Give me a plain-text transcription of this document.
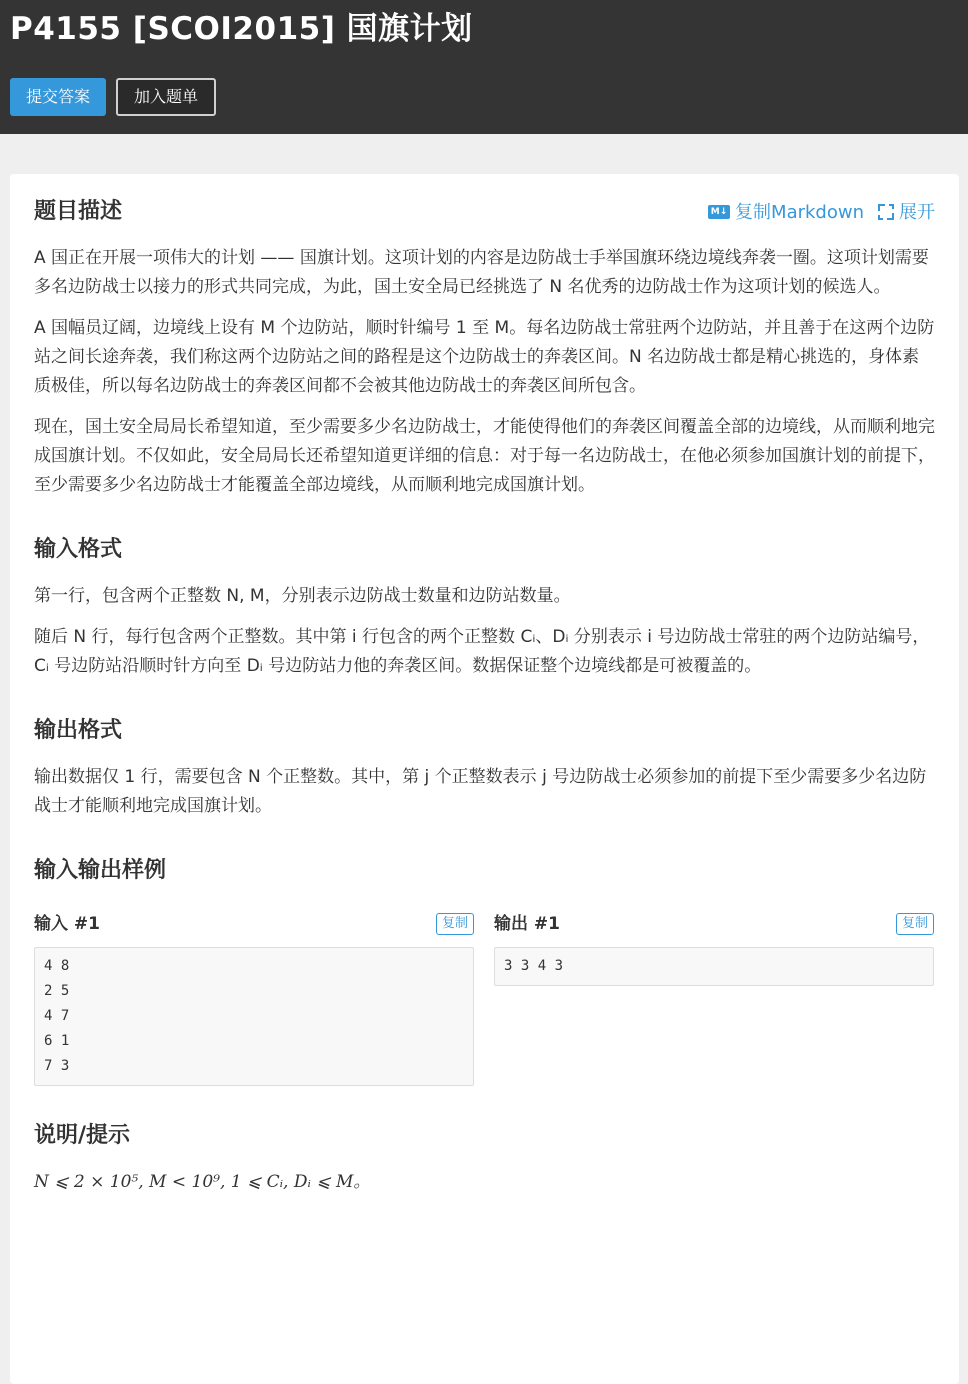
P4155 [SCOI2015] 国旗计划
提交答案	加入题单
题目描述	M↓ 复制Markdown 展开

A 国正在开展一项伟大的计划 —— 国旗计划。这项计划的内容是边防战士手举国旗环绕边境线奔袭一圈。这项计划需要多名边防战士以接力的形式共同完成，为此，国土安全局已经挑选了 N 名优秀的边防战士作为这项计划的候选人。

A 国幅员辽阔，边境线上设有 M 个边防站，顺时针编号 1 至 M。每名边防战士常驻两个边防站，并且善于在这两个边防站之间长途奔袭，我们称这两个边防站之间的路程是这个边防战士的奔袭区间。N 名边防战士都是精心挑选的，身体素质极佳，所以每名边防战士的奔袭区间都不会被其他边防战士的奔袭区间所包含。

现在，国土安全局局长希望知道，至少需要多少名边防战士，才能使得他们的奔袭区间覆盖全部的边境线，从而顺利地完成国旗计划。不仅如此，安全局局长还希望知道更详细的信息：对于每一名边防战士，在他必须参加国旗计划的前提下，至少需要多少名边防战士才能覆盖全部边境线，从而顺利地完成国旗计划。

输入格式

第一行，包含两个正整数 N, M，分别表示边防战士数量和边防站数量。

随后 N 行，每行包含两个正整数。其中第 i 行包含的两个正整数 Cᵢ、Dᵢ 分别表示 i 号边防战士常驻的两个边防站编号，Cᵢ 号边防站沿顺时针方向至 Dᵢ 号边防站力他的奔袭区间。数据保证整个边境线都是可被覆盖的。

输出格式

输出数据仅 1 行，需要包含 N 个正整数。其中，第 j 个正整数表示 j 号边防战士必须参加的前提下至少需要多少名边防战士才能顺利地完成国旗计划。

输入输出样例
输入 #1	复制
4 8
2 5
4 7
6 1
7 3
输出 #1	复制
3 3 4 3
说明/提示

N ⩽ 2 × 10⁵, M < 10⁹, 1 ⩽ Cᵢ, Dᵢ ⩽ M。
